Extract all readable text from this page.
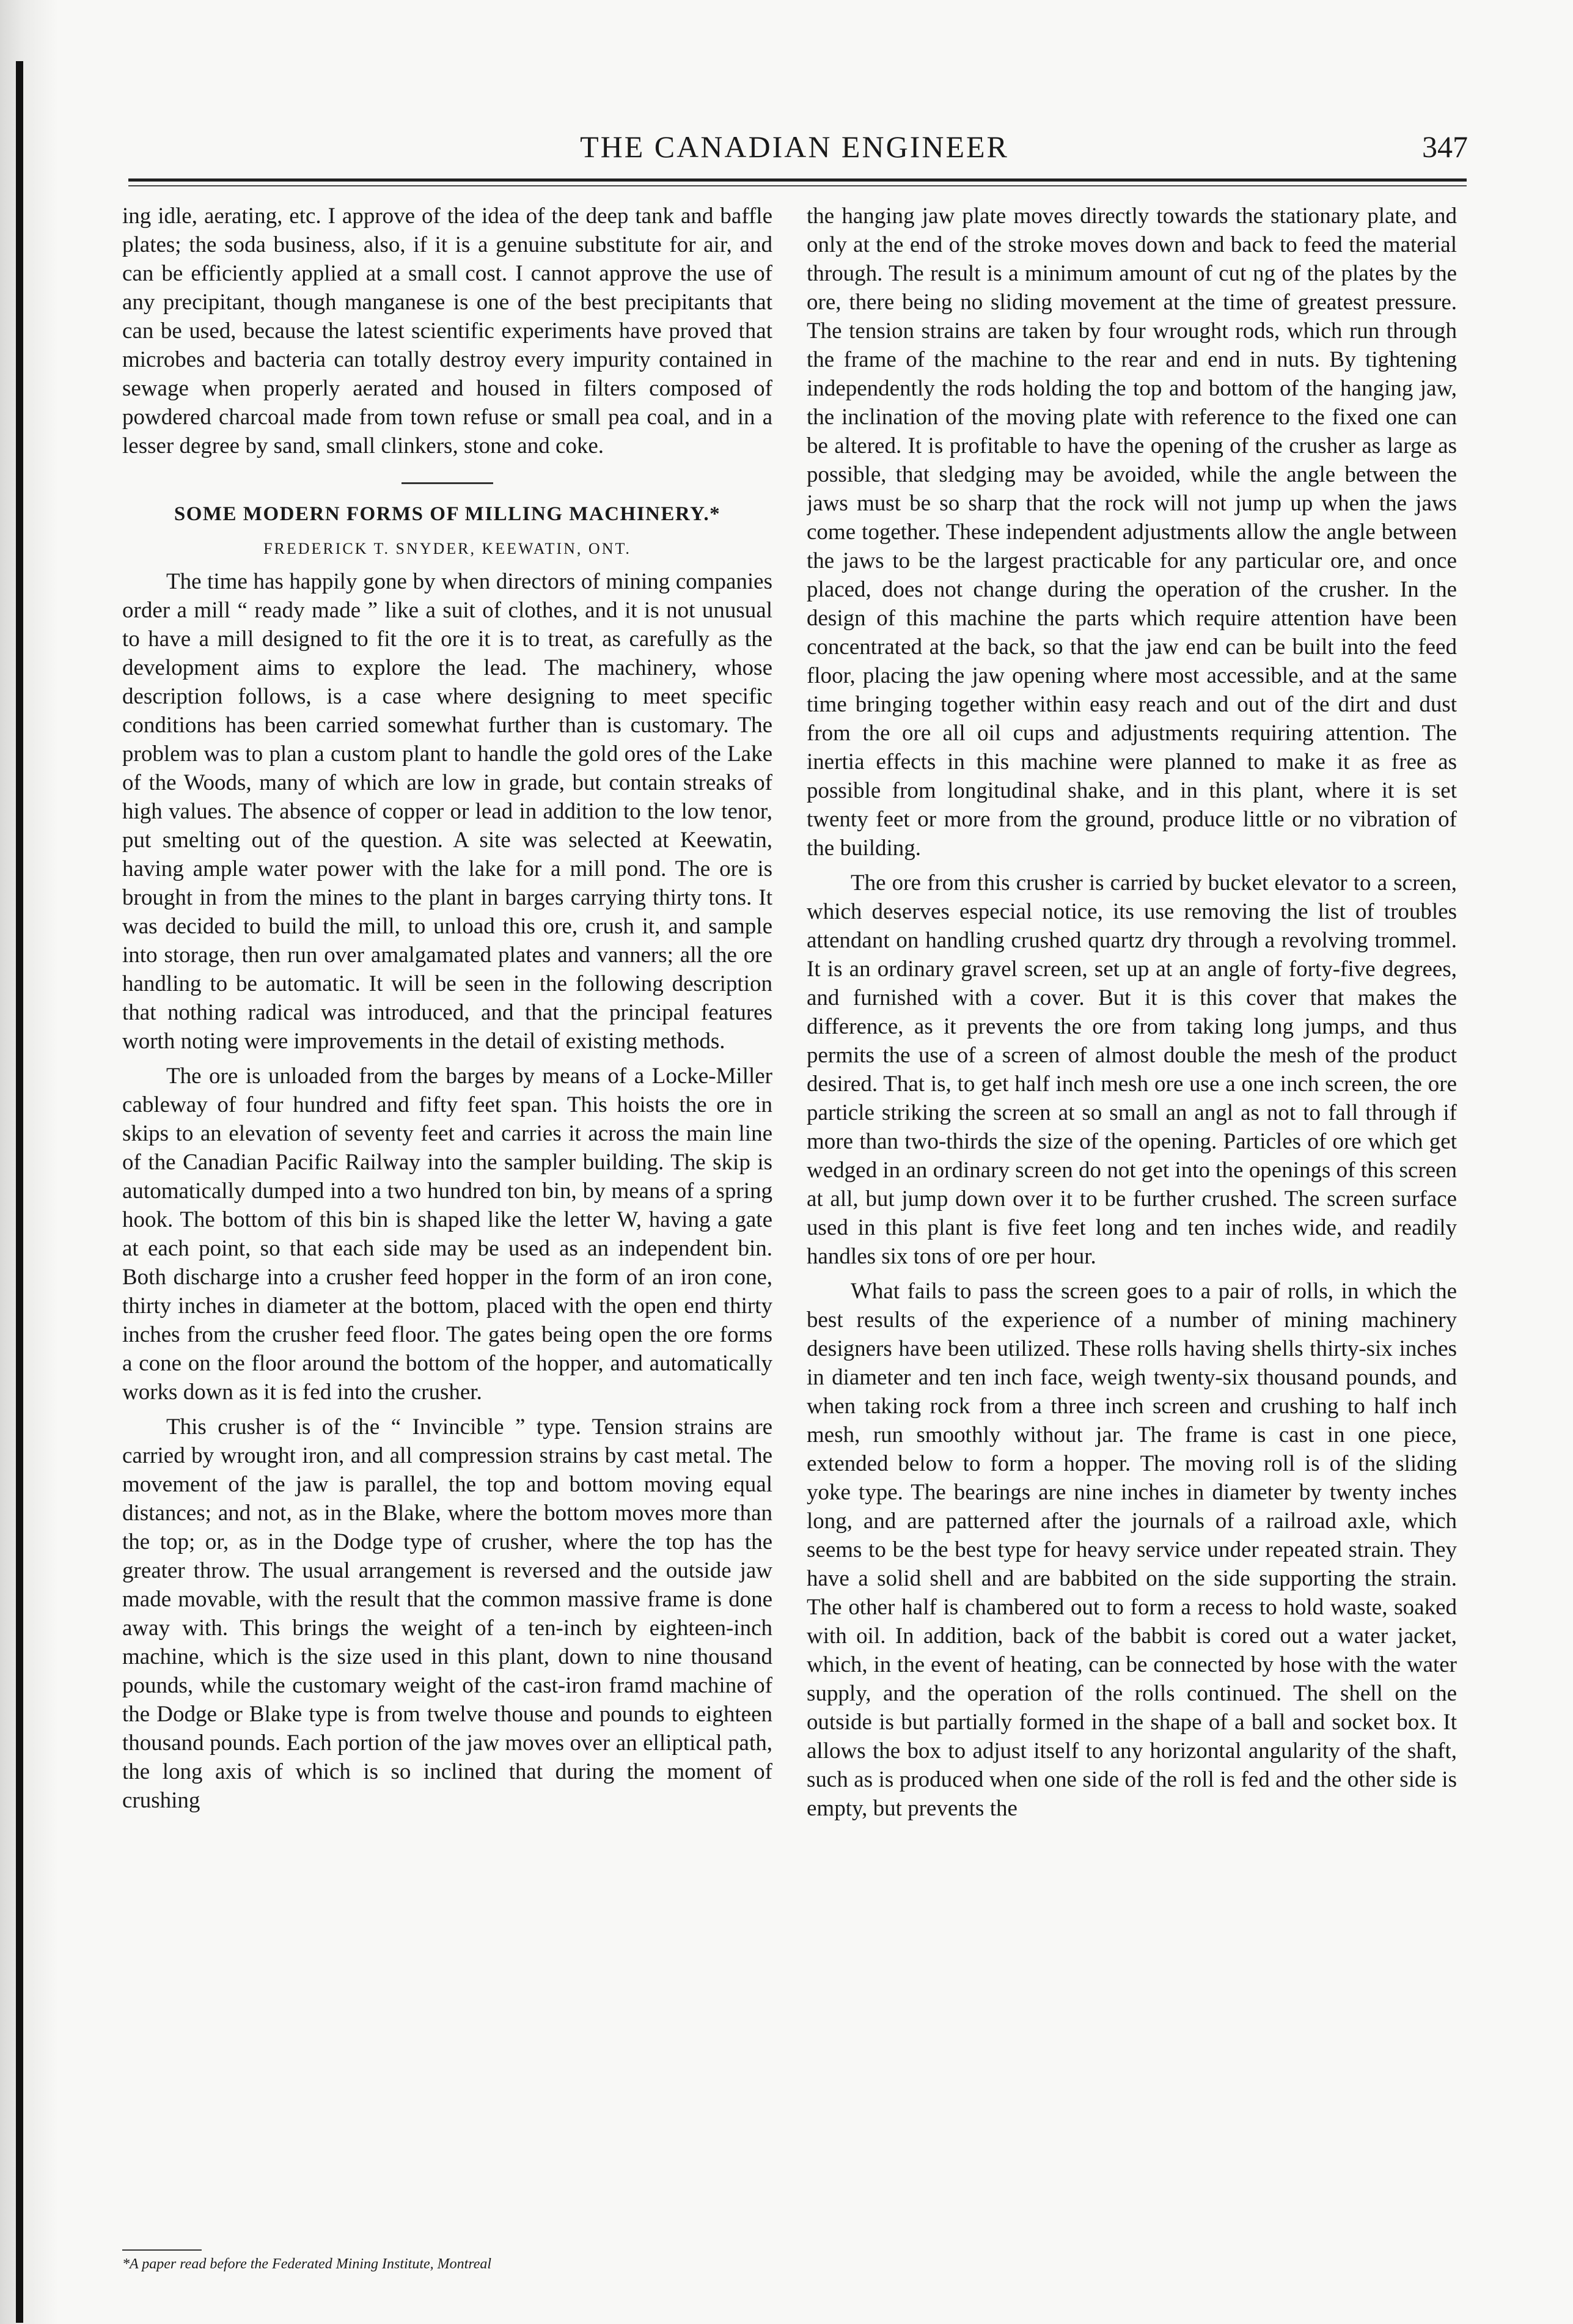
THE CANADIAN ENGINEER	347

ing idle, aerating, etc. I approve of the idea of the deep tank and baffle plates; the soda business, also, if it is a genuine substitute for air, and can be efficiently applied at a small cost. I cannot approve the use of any precipitant, though manganese is one of the best precipitants that can be used, because the latest scientific experiments have proved that microbes and bacteria can totally destroy every impurity contained in sewage when properly aerated and housed in filters composed of powdered charcoal made from town refuse or small pea coal, and in a lesser degree by sand, small clinkers, stone and coke.

SOME MODERN FORMS OF MILLING MACHINERY.*
FREDERICK T. SNYDER, KEEWATIN, ONT.

The time has happily gone by when directors of mining companies order a mill “ ready made ” like a suit of clothes, and it is not unusual to have a mill designed to fit the ore it is to treat, as carefully as the development aims to explore the lead. The machinery, whose description follows, is a case where designing to meet specific conditions has been carried somewhat further than is customary. The problem was to plan a custom plant to handle the gold ores of the Lake of the Woods, many of which are low in grade, but contain streaks of high values. The absence of copper or lead in addition to the low tenor, put smelting out of the question. A site was selected at Keewatin, having ample water power with the lake for a mill pond. The ore is brought in from the mines to the plant in barges carrying thirty tons. It was decided to build the mill, to unload this ore, crush it, and sample into storage, then run over amalgamated plates and vanners; all the ore handling to be automatic. It will be seen in the following description that nothing radical was introduced, and that the principal features worth noting were improvements in the detail of existing methods.

The ore is unloaded from the barges by means of a Locke-Miller cableway of four hundred and fifty feet span. This hoists the ore in skips to an elevation of seventy feet and carries it across the main line of the Canadian Pacific Railway into the sampler building. The skip is automatically dumped into a two hundred ton bin, by means of a spring hook. The bottom of this bin is shaped like the letter W, having a gate at each point, so that each side may be used as an independent bin. Both discharge into a crusher feed hopper in the form of an iron cone, thirty inches in diameter at the bottom, placed with the open end thirty inches from the crusher feed floor. The gates being open the ore forms a cone on the floor around the bottom of the hopper, and automatically works down as it is fed into the crusher.

This crusher is of the “ Invincible ” type. Tension strains are carried by wrought iron, and all compression strains by cast metal. The movement of the jaw is parallel, the top and bottom moving equal distances; and not, as in the Blake, where the bottom moves more than the top; or, as in the Dodge type of crusher, where the top has the greater throw. The usual arrangement is reversed and the outside jaw made movable, with the result that the common massive frame is done away with. This brings the weight of a ten-inch by eighteen-inch machine, which is the size used in this plant, down to nine thousand pounds, while the customary weight of the cast-iron framd machine of the Dodge or Blake type is from twelve thouse and pounds to eighteen thousand pounds. Each portion of the jaw moves over an elliptical path, the long axis of which is so inclined that during the moment of crushing

the hanging jaw plate moves directly towards the stationary plate, and only at the end of the stroke moves down and back to feed the material through. The result is a minimum amount of cut ng of the plates by the ore, there being no sliding movement at the time of greatest pressure. The tension strains are taken by four wrought rods, which run through the frame of the machine to the rear and end in nuts. By tightening independently the rods holding the top and bottom of the hanging jaw, the inclination of the moving plate with reference to the fixed one can be altered. It is profitable to have the opening of the crusher as large as possible, that sledging may be avoided, while the angle between the jaws must be so sharp that the rock will not jump up when the jaws come together. These independent adjustments allow the angle between the jaws to be the largest practicable for any particular ore, and once placed, does not change during the operation of the crusher. In the design of this machine the parts which require attention have been concentrated at the back, so that the jaw end can be built into the feed floor, placing the jaw opening where most accessible, and at the same time bringing together within easy reach and out of the dirt and dust from the ore all oil cups and adjustments requiring attention. The inertia effects in this machine were planned to make it as free as possible from longitudinal shake, and in this plant, where it is set twenty feet or more from the ground, produce little or no vibration of the building.

The ore from this crusher is carried by bucket elevator to a screen, which deserves especial notice, its use removing the list of troubles attendant on handling crushed quartz dry through a revolving trommel. It is an ordinary gravel screen, set up at an angle of forty-five degrees, and furnished with a cover. But it is this cover that makes the difference, as it prevents the ore from taking long jumps, and thus permits the use of a screen of almost double the mesh of the product desired. That is, to get half inch mesh ore use a one inch screen, the ore particle striking the screen at so small an angl as not to fall through if more than two-thirds the size of the opening. Particles of ore which get wedged in an ordinary screen do not get into the openings of this screen at all, but jump down over it to be further crushed. The screen surface used in this plant is five feet long and ten inches wide, and readily handles six tons of ore per hour.

What fails to pass the screen goes to a pair of rolls, in which the best results of the experience of a number of mining machinery designers have been utilized. These rolls having shells thirty-six inches in diameter and ten inch face, weigh twenty-six thousand pounds, and when taking rock from a three inch screen and crushing to half inch mesh, run smoothly without jar. The frame is cast in one piece, extended below to form a hopper. The moving roll is of the sliding yoke type. The bearings are nine inches in diameter by twenty inches long, and are patterned after the journals of a railroad axle, which seems to be the best type for heavy service under repeated strain. They have a solid shell and are babbited on the side supporting the strain. The other half is chambered out to form a recess to hold waste, soaked with oil. In addition, back of the babbit is cored out a water jacket, which, in the event of heating, can be connected by hose with the water supply, and the operation of the rolls continued. The shell on the outside is but partially formed in the shape of a ball and socket box. It allows the box to adjust itself to any horizontal angularity of the shaft, such as is produced when one side of the roll is fed and the other side is empty, but prevents the

*A paper read before the Federated Mining Institute, Montreal
